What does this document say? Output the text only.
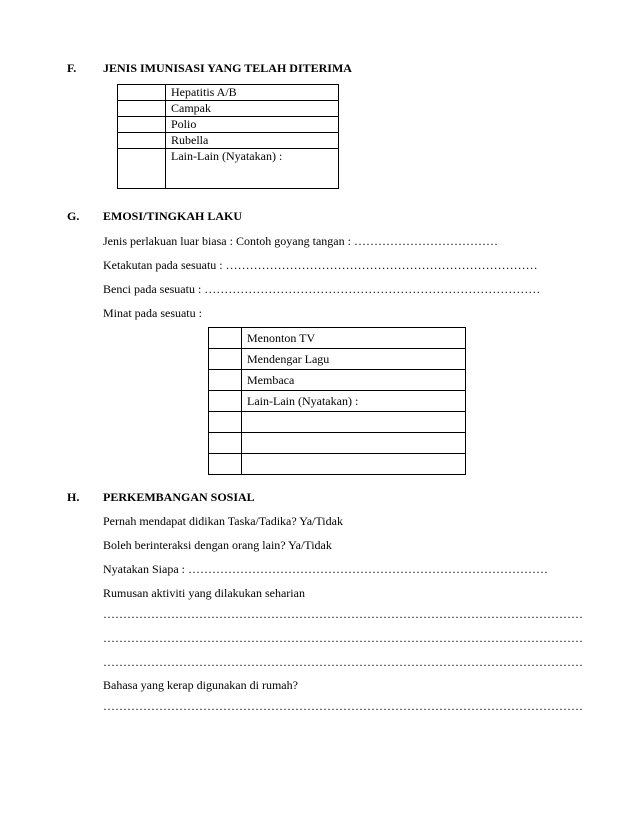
F. JENIS IMUNISASI YANG TELAH DITERIMA
	Hepatitis A/B
	Campak
	Polio
	Rubella
	Lain-Lain (Nyatakan) :
G. EMOSI/TINGKAH LAKU
Jenis perlakuan luar biasa : Contoh goyang tangan : ………………………………
Ketakutan pada sesuatu : ……………………………………………………………………
Benci pada sesuatu : …………………………………………………………………………
Minat pada sesuatu :
	Menonton TV
	Mendengar Lagu
	Membaca
	Lain-Lain (Nyatakan) :

H. PERKEMBANGAN SOSIAL
Pernah mendapat didikan Taska/Tadika? Ya/Tidak
Boleh berinteraksi dengan orang lain? Ya/Tidak
Nyatakan Siapa : ………………………………………………………………………………
Rumusan aktiviti yang dilakukan seharian
…………………………………………………………………………………………………………
…………………………………………………………………………………………………………
…………………………………………………………………………………………………………
Bahasa yang kerap digunakan di rumah?
…………………………………………………………………………………………………………
